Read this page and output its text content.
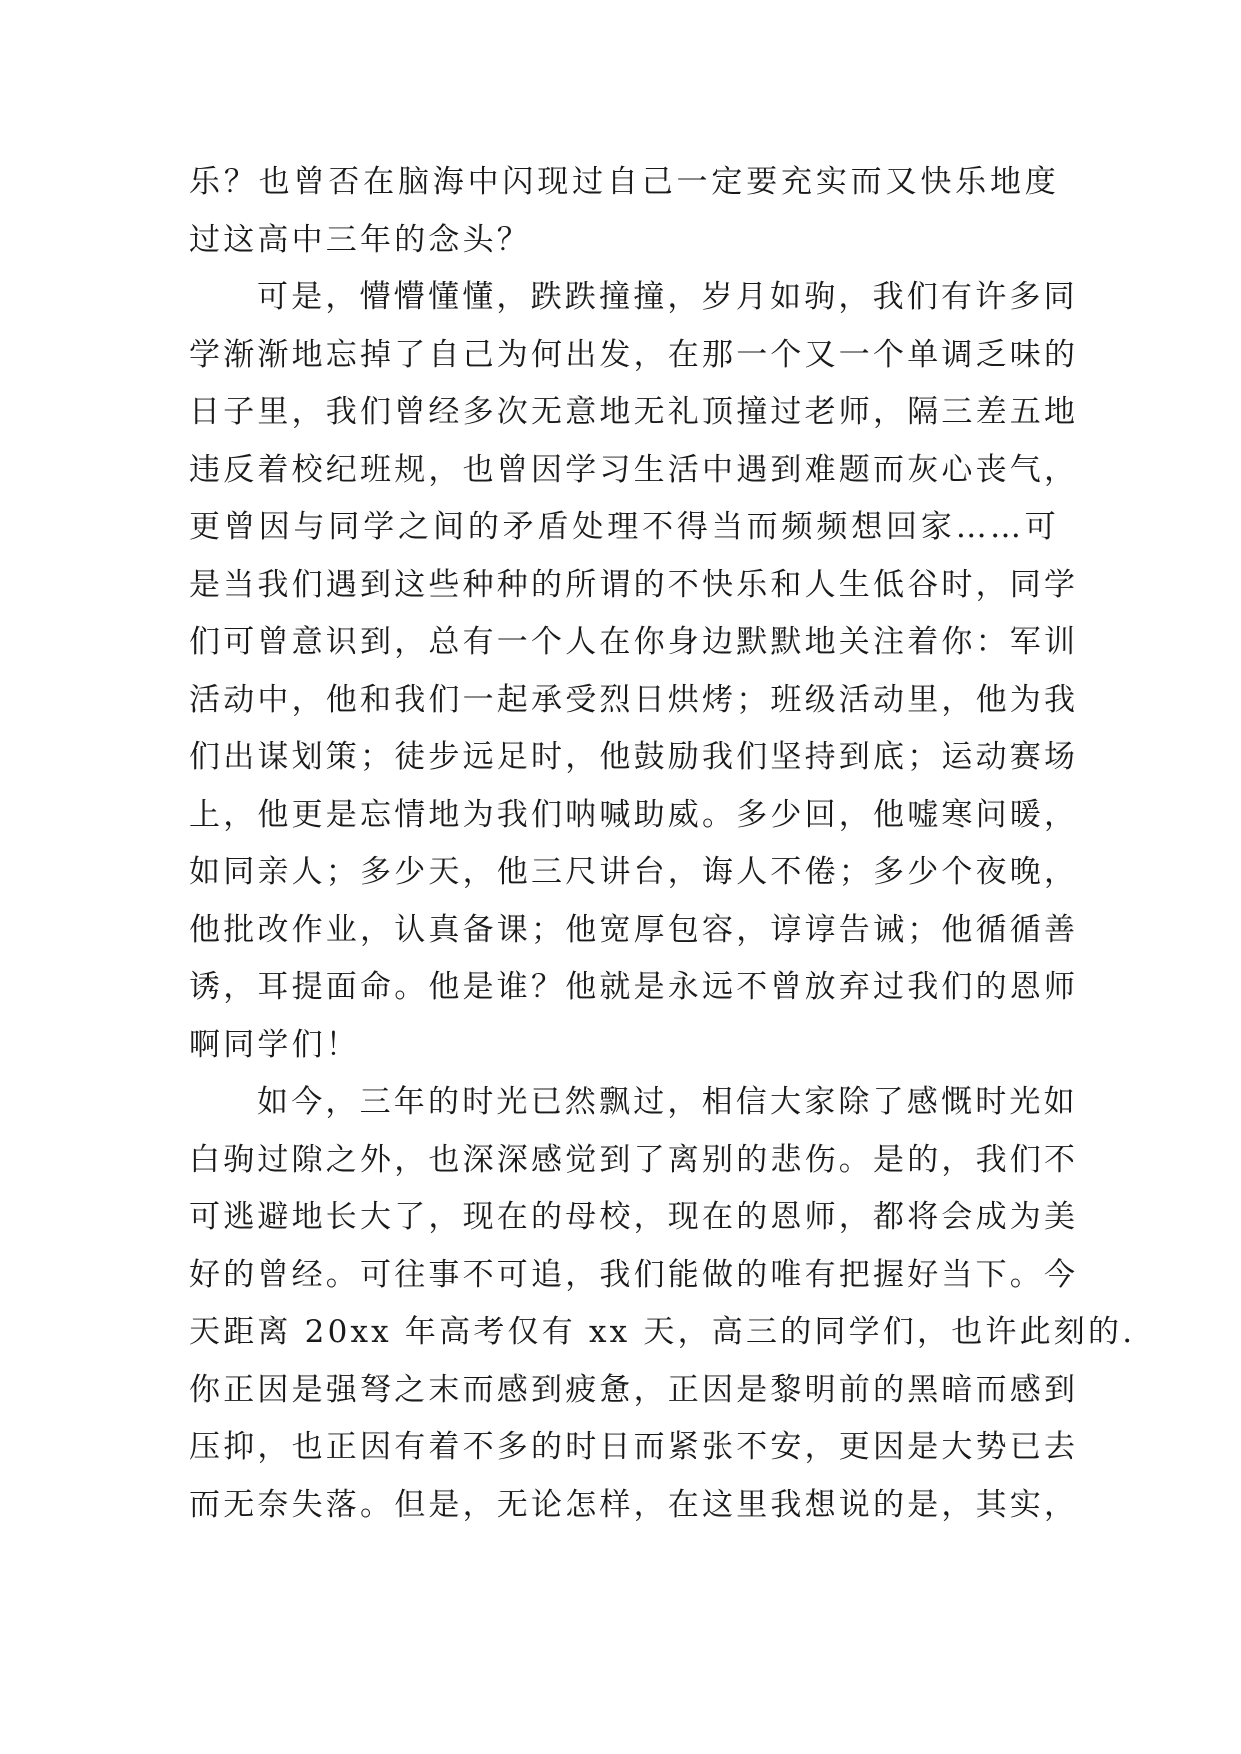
乐？也曾否在脑海中闪现过自己一定要充实而又快乐地度
过这高中三年的念头？
可是，懵懵懂懂，跌跌撞撞，岁月如驹，我们有许多同
学渐渐地忘掉了自己为何出发，在那一个又一个单调乏味的
日子里，我们曾经多次无意地无礼顶撞过老师，隔三差五地
违反着校纪班规，也曾因学习生活中遇到难题而灰心丧气，
更曾因与同学之间的矛盾处理不得当而频频想回家……可
是当我们遇到这些种种的所谓的不快乐和人生低谷时，同学
们可曾意识到，总有一个人在你身边默默地关注着你：军训
活动中，他和我们一起承受烈日烘烤；班级活动里，他为我
们出谋划策；徒步远足时，他鼓励我们坚持到底；运动赛场
上，他更是忘情地为我们呐喊助威。多少回，他嘘寒问暖，
如同亲人；多少天，他三尺讲台，诲人不倦；多少个夜晚，
他批改作业，认真备课；他宽厚包容，谆谆告诫；他循循善
诱，耳提面命。他是谁？他就是永远不曾放弃过我们的恩师
啊同学们！
如今，三年的时光已然飘过，相信大家除了感慨时光如
白驹过隙之外，也深深感觉到了离别的悲伤。是的，我们不
可逃避地长大了，现在的母校，现在的恩师，都将会成为美
好的曾经。可往事不可追，我们能做的唯有把握好当下。今
天距离 20xx 年高考仅有 xx 天，高三的同学们，也许此刻的.
你正因是强弩之末而感到疲惫，正因是黎明前的黑暗而感到
压抑，也正因有着不多的时日而紧张不安，更因是大势已去
而无奈失落。但是，无论怎样，在这里我想说的是，其实，
